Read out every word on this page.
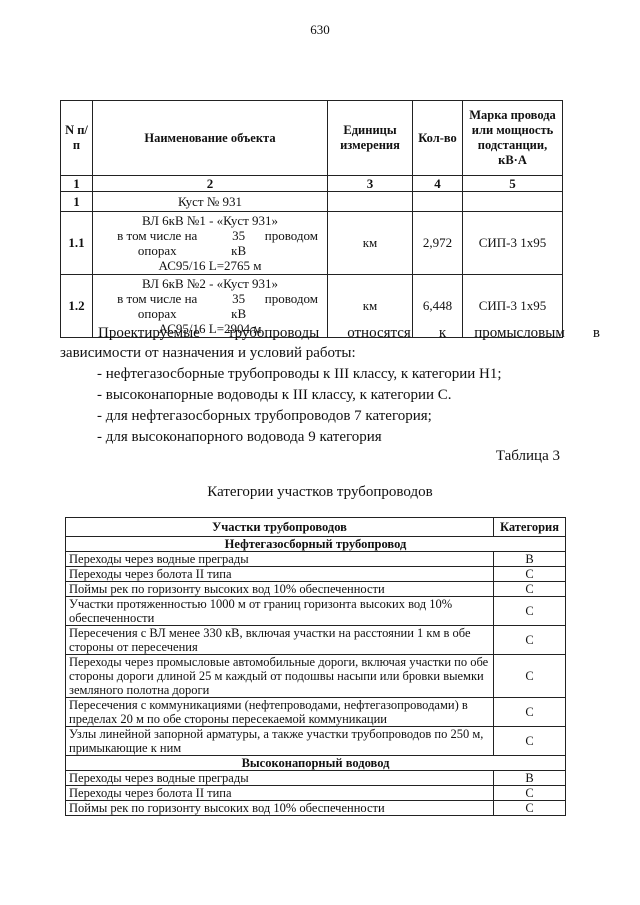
630
N п/п	Наименование объекта	Единицы измерения	Кол-во	Марка провода или мощность подстанции, кВ·А
1	2	3	4	5
1	Куст № 931			
1.1	ВЛ 6кВ №1 - «Куст 931»
в том числе на опорах
35 кВ
проводом
АС95/16 L=2765 м	км	2,972	СИП-3 1х95
1.2	ВЛ 6кВ №2 - «Куст 931»
в том числе на опорах
35 кВ
проводом
АС95/16 L=2904 м	км	6,448	СИП-3 1х95
Проектируемые трубопроводы относятся к промысловым в
зависимости от назначения и условий работы:
- нефтегазосборные трубопроводы к III классу, к категории Н1;
- высоконапорные водоводы к III классу, к категории С.
- для нефтегазосборных трубопроводов 7 категория;
- для высоконапорного водовода 9 категория
Таблица 3
Категории участков трубопроводов
Участки трубопроводов	Категория
Нефтегазосборный трубопровод	
Переходы через водные преграды	В
Переходы через болота II типа	С
Поймы рек по горизонту высоких вод 10% обеспеченности	С
Участки протяженностью 1000 м от границ горизонта высоких вод 10% обеспеченности	С
Пересечения с ВЛ менее 330 кВ, включая участки на расстоянии 1 км в обе стороны от пересечения	С
Переходы через промысловые автомобильные дороги, включая участки по обе стороны дороги длиной 25 м каждый от подошвы насыпи или бровки выемки земляного полотна дороги	С
Пересечения с коммуникациями (нефтепроводами, нефтегазопроводами) в пределах 20 м по обе стороны пересекаемой коммуникации	С
Узлы линейной запорной арматуры, а также участки трубопроводов по 250 м, примыкающие к ним	С
Высоконапорный водовод	
Переходы через водные преграды	В
Переходы через болота II типа	С
Поймы рек по горизонту высоких вод 10% обеспеченности	С
